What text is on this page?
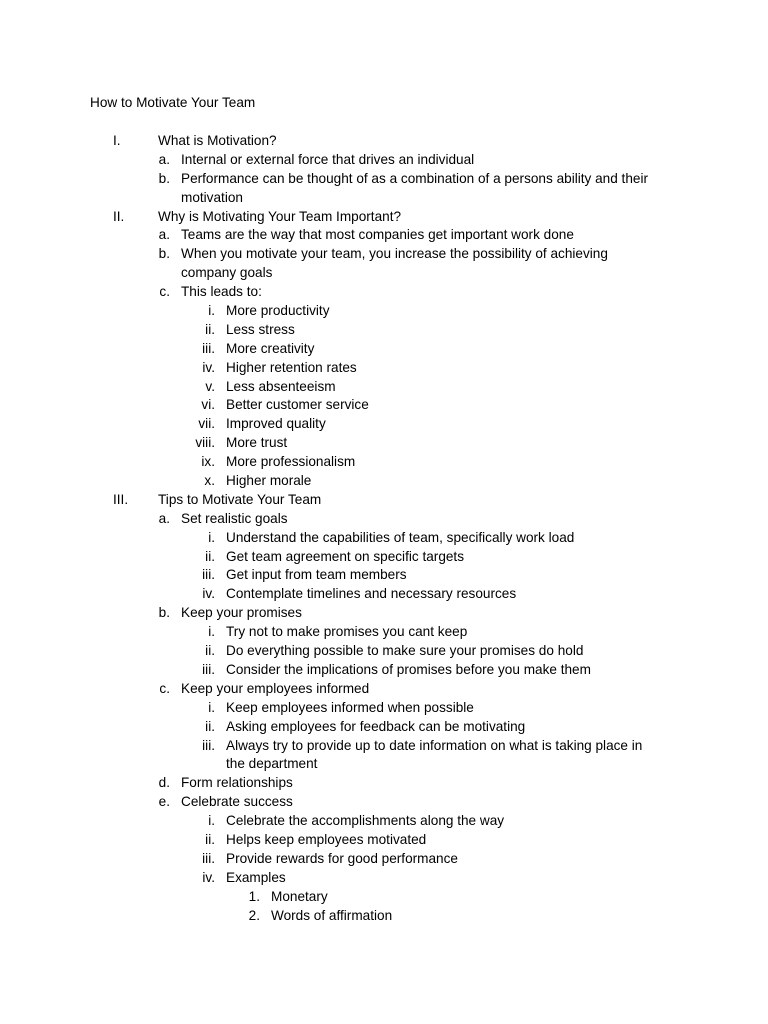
How to Motivate Your Team
I.	What is Motivation?
a. Internal or external force that drives an individual
b. Performance can be thought of as a combination of a persons ability and their
motivation
II. Why is Motivating Your Team Important?
a. Teams are the way that most companies get important work done
b. When you motivate your team, you increase the possibility of achieving
company goals
c. This leads to:
i. More productivity
ii. Less stress
iii. More creativity
iv. Higher retention rates
v. Less absenteeism
vi. Better customer service
vii. Improved quality
viii. More trust
ix. More professionalism
x. Higher morale
III. Tips to Motivate Your Team
a. Set realistic goals
i. Understand the capabilities of team, specifically work load
ii. Get team agreement on specific targets
iii. Get input from team members
iv. Contemplate timelines and necessary resources
b. Keep your promises
i. Try not to make promises you cant keep
ii. Do everything possible to make sure your promises do hold
iii. Consider the implications of promises before you make them
c. Keep your employees informed
i. Keep employees informed when possible
ii. Asking employees for feedback can be motivating
iii. Always try to provide up to date information on what is taking place in
the department
d. Form relationships
e. Celebrate success
i. Celebrate the accomplishments along the way
ii. Helps keep employees motivated
iii. Provide rewards for good performance
iv. Examples
1. Monetary
2. Words of affirmation
